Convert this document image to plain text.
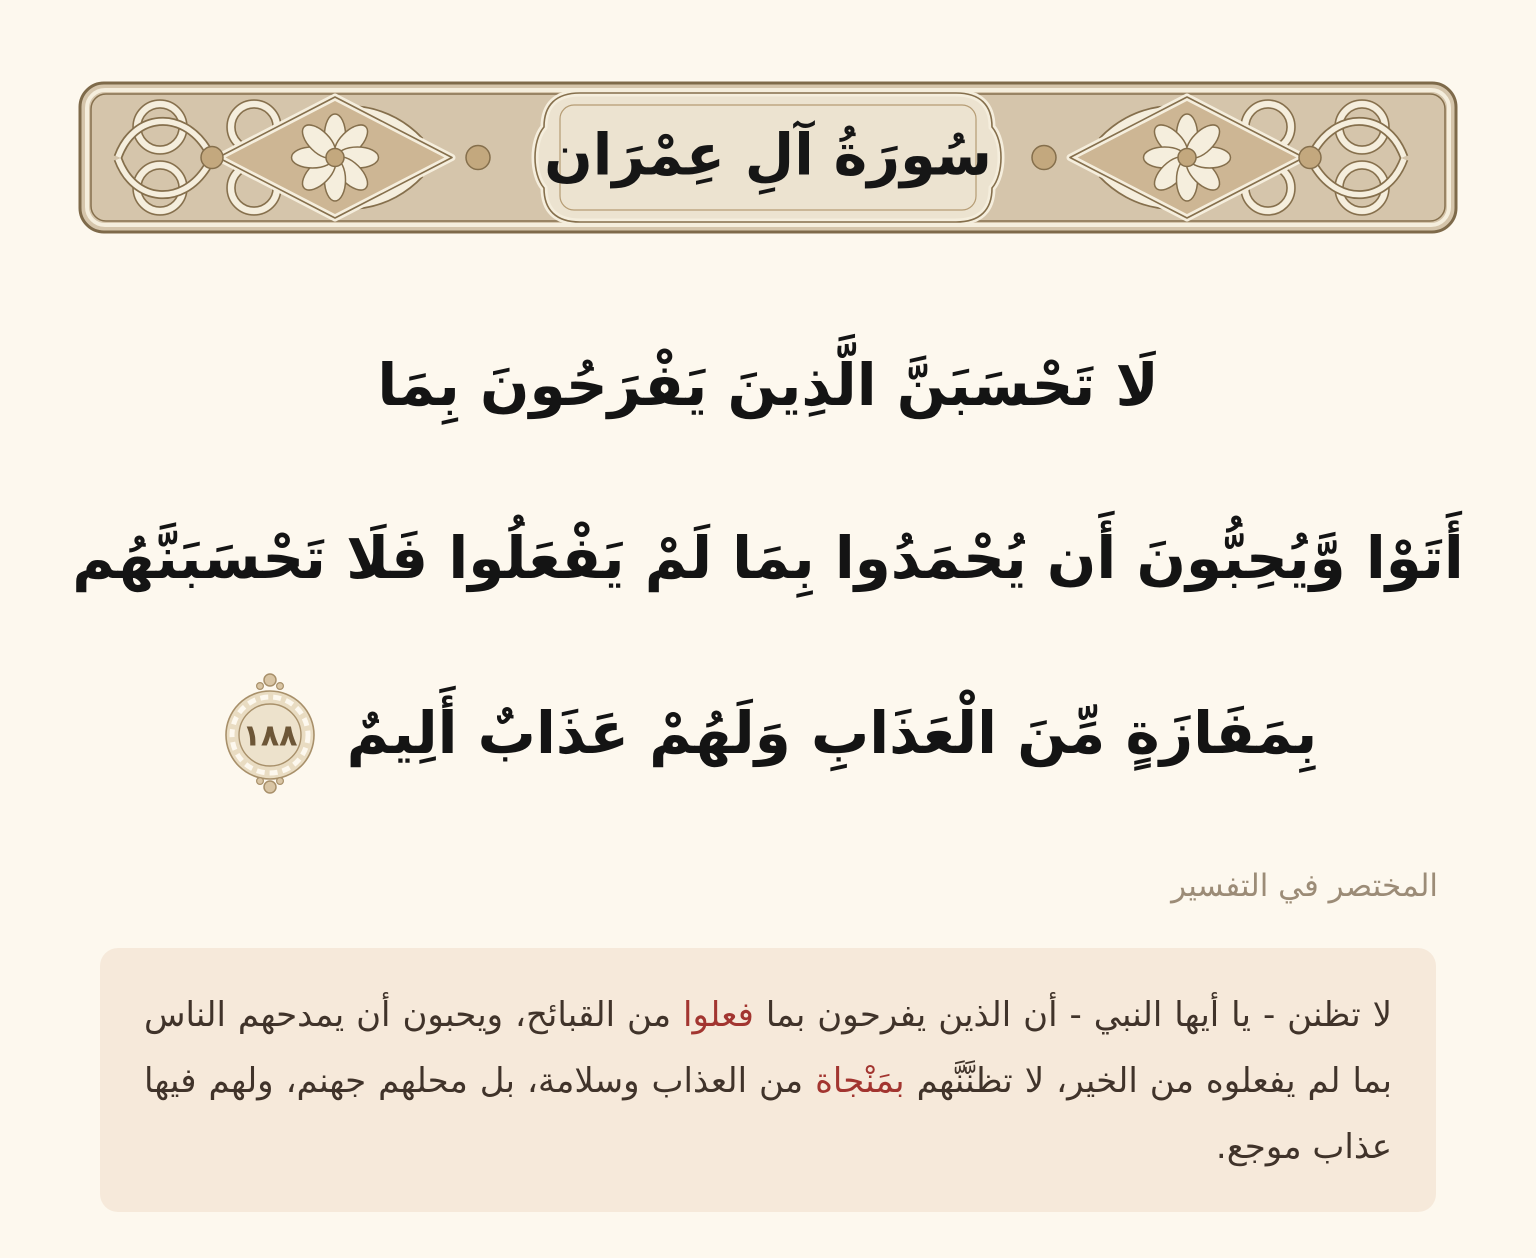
سُورَةُ آلِ عِمْرَان
لَا تَحْسَبَنَّ الَّذِينَ يَفْرَحُونَ بِمَا
أَتَوْا وَّيُحِبُّونَ أَن يُحْمَدُوا بِمَا لَمْ يَفْعَلُوا فَلَا تَحْسَبَنَّهُم
بِمَفَازَةٍ مِّنَ الْعَذَابِ وَلَهُمْ عَذَابٌ أَلِيمٌ
١٨٨
المختصر في التفسير

لا تظنن - يا أيها النبي - أن الذين يفرحون بما فعلوا من القبائح، ويحبون أن يمدحهم الناس بما لم يفعلوه من الخير، لا تظنَّنَّهم بمَنْجاة من العذاب وسلامة، بل محلهم جهنم، ولهم فيها عذاب موجع.
